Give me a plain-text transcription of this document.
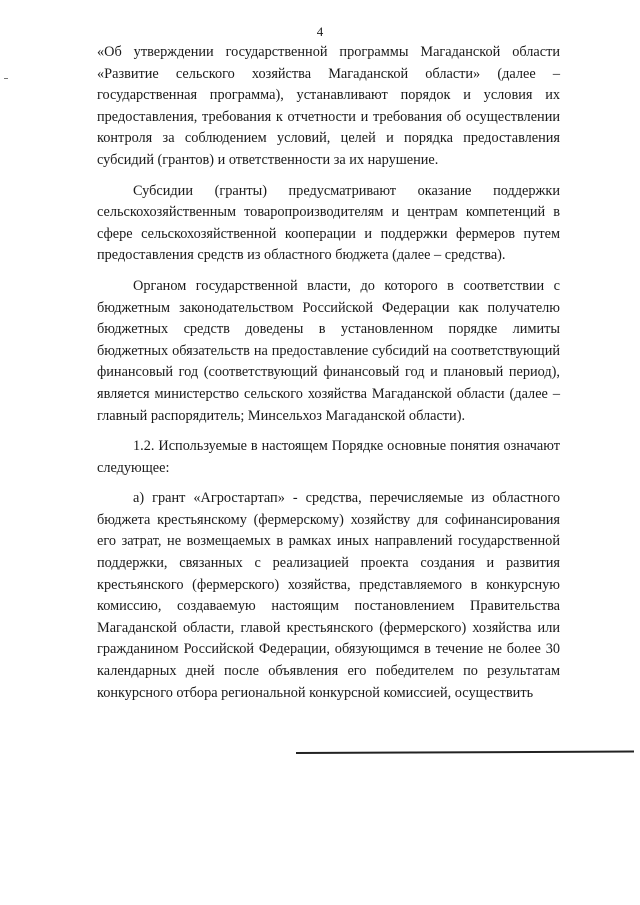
4

«Об утверждении государственной программы Магаданской области «Развитие сельского хозяйства Магаданской области» (далее – государственная программа), устанавливают порядок и условия их предоставления, требования к отчетности и требования об осуществлении контроля за соблюдением условий, целей и порядка предоставления субсидий (грантов) и ответственности за их нарушение.

Субсидии (гранты) предусматривают оказание поддержки сельскохозяйственным товаропроизводителям и центрам компетенций в сфере сельскохозяйственной кооперации и поддержки фермеров путем предоставления средств из областного бюджета (далее – средства).

Органом государственной власти, до которого в соответствии с бюджетным законодательством Российской Федерации как получателю бюджетных средств доведены в установленном порядке лимиты бюджетных обязательств на предоставление субсидий на соответствующий финансовый год (соответствующий финансовый год и плановый период), является министерство сельского хозяйства Магаданской области (далее – главный распорядитель; Минсельхоз Магаданской области).

1.2. Используемые в настоящем Порядке основные понятия означают следующее:

а) грант «Агростартап» - средства, перечисляемые из областного бюджета крестьянскому (фермерскому) хозяйству для софинансирования его затрат, не возмещаемых в рамках иных направлений государственной поддержки, связанных с реализацией проекта создания и развития крестьянского (фермерского) хозяйства, представляемого в конкурсную комиссию, создаваемую настоящим постановлением Правительства Магаданской области, главой крестьянского (фермерского) хозяйства или гражданином Российской Федерации, обязующимся в течение не более 30 календарных дней после объявления его победителем по результатам конкурсного отбора региональной конкурсной комиссией, осуществить
